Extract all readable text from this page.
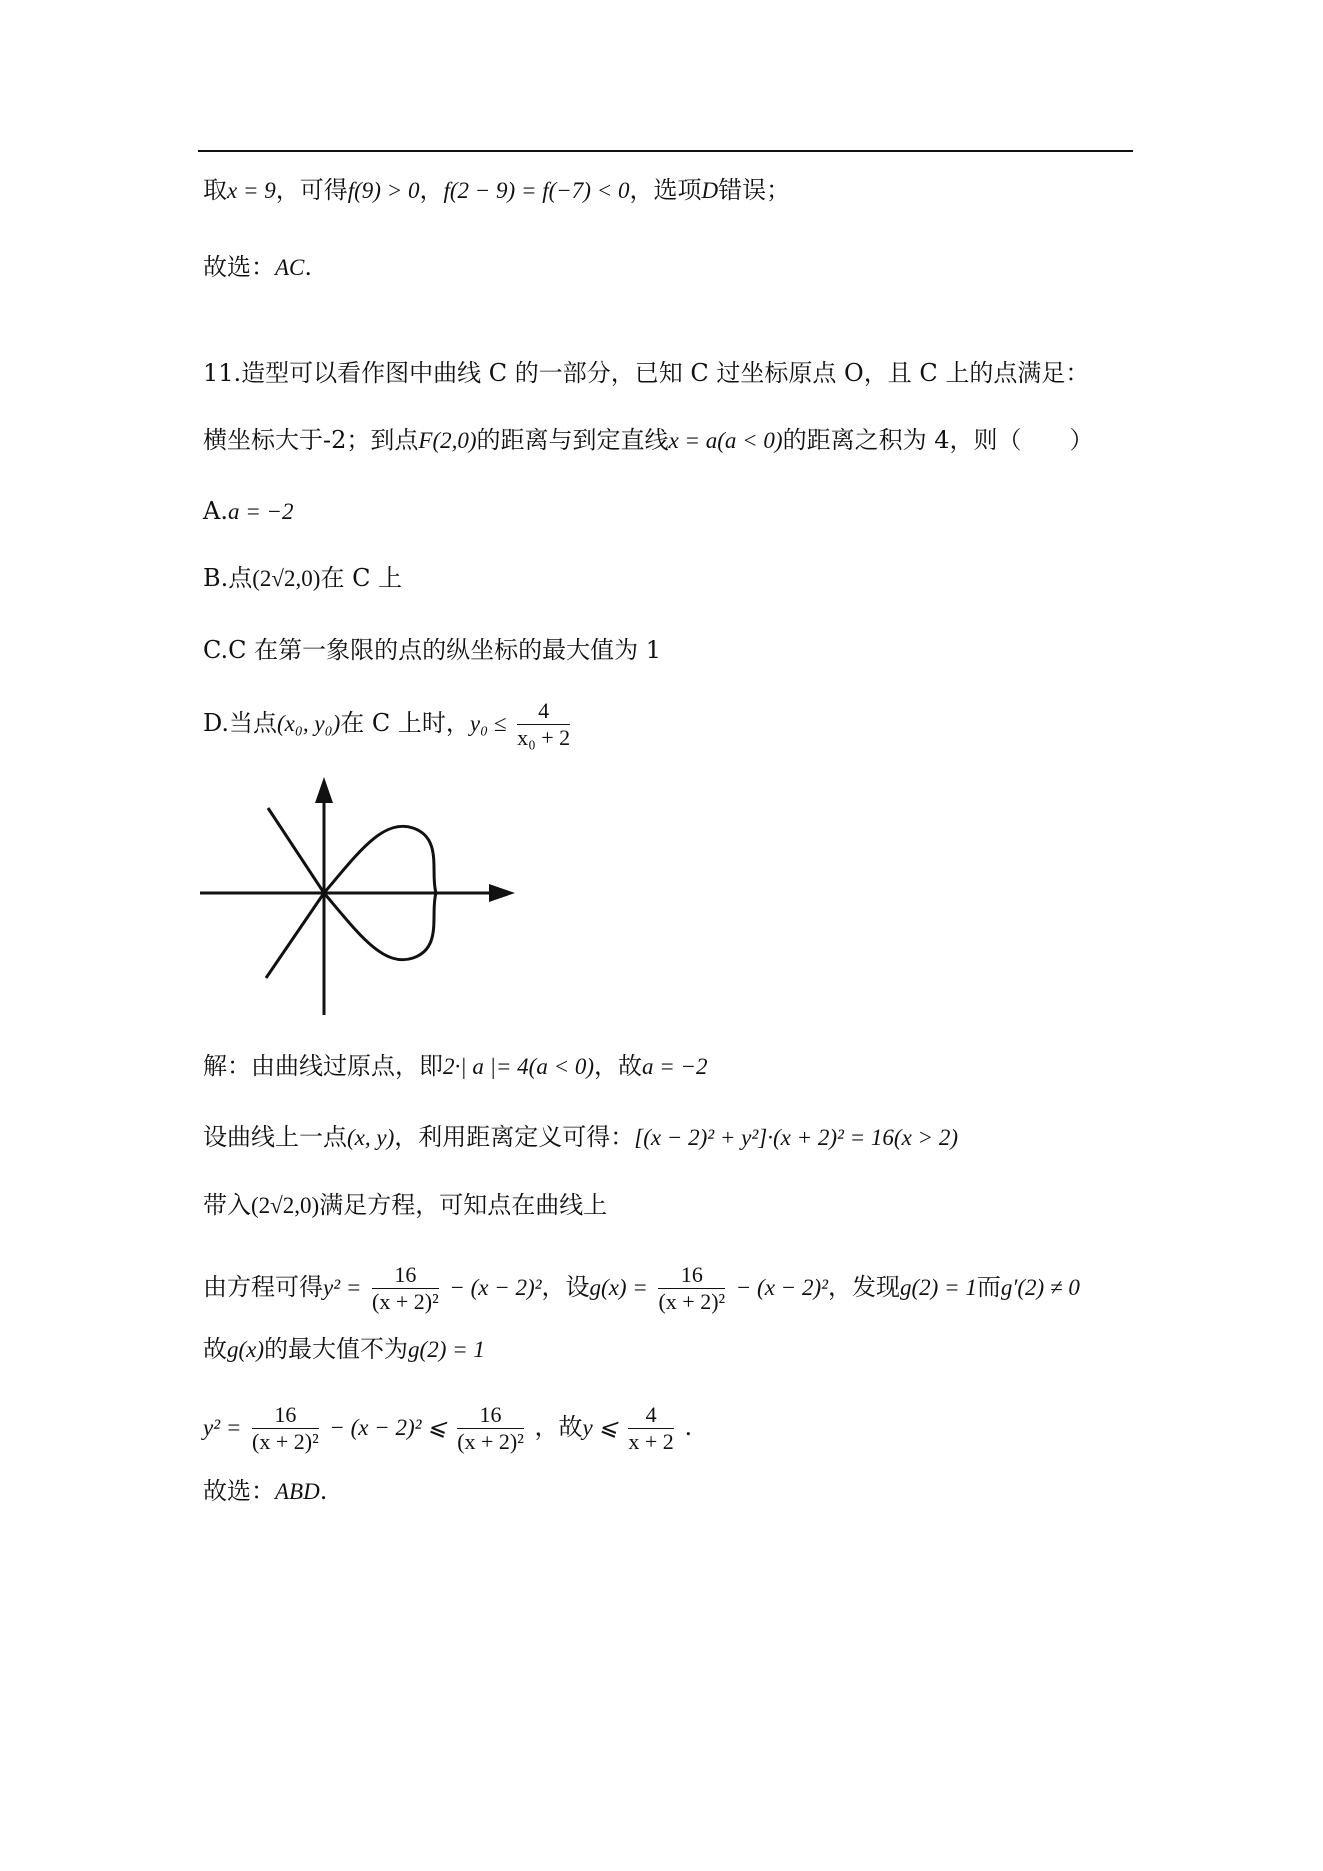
取x = 9，可得f(9) > 0，f(2 − 9) = f(−7) < 0，选项D错误；
故选：AC.
11.造型可以看作图中曲线 C 的一部分，已知 C 过坐标原点 O，且 C 上的点满足：
横坐标大于-2；到点F(2,0)的距离与到定直线x = a(a < 0)的距离之积为 4，则（　　）
A.a = −2
B.点(2√2,0)在 C 上
C.C 在第一象限的点的纵坐标的最大值为 1
D.当点(x₀, y₀)在 C 上时，$y_0 \le \frac{4}{\text{x₀ + 2}}$
解：由曲线过原点，即2·| a |= 4(a < 0)，故a = −2
设曲线上一点(x, y)，利用距离定义可得：[(x − 2)² + y²]·(x + 2)² = 16(x > 2)
带入(2√2,0)满足方程，可知点在曲线上
由方程可得$y^2 = \frac{16}{\text{(x + 2)²}} - (x - 2)^2$，设$g(x) = \frac{16}{\text{(x + 2)²}} - (x - 2)^2$，发现g(2) = 1而g′(2) ≠ 0
故g(x)的最大值不为g(2) = 1
$y^2 = \frac{16}{\text{(x + 2)²}} - (x - 2)^2$ ⩽ $\frac{16}{\text{(x + 2)²}}$ ，故y ⩽ $\frac{4}{x + 2}$ .
故选：ABD.
